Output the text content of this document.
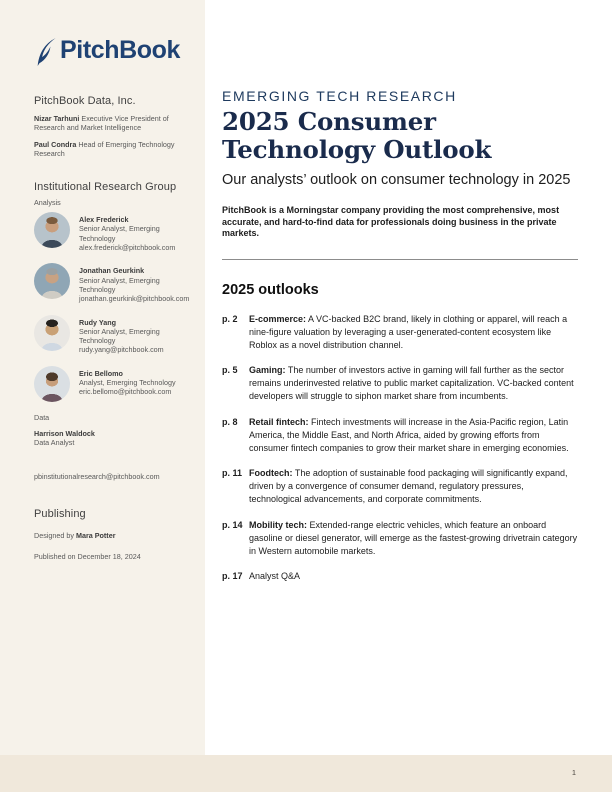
PitchBook
PitchBook Data, Inc.

Nizar Tarhuni Executive Vice President of Research and Market Intelligence

Paul Condra Head of Emerging Technology Research

Institutional Research Group
Analysis
Alex Frederick
Senior Analyst, Emerging Technology
alex.frederick@pitchbook.com
Jonathan Geurkink
Senior Analyst, Emerging Technology
jonathan.geurkink@pitchbook.com
Rudy Yang
Senior Analyst, Emerging Technology
rudy.yang@pitchbook.com
Eric Bellomo
Analyst, Emerging Technology
eric.bellomo@pitchbook.com
Data

Harrison Waldock
Data Analyst

pbinstitutionalresearch@pitchbook.com
Publishing
Designed by Mara Potter
Published on December 18, 2024
EMERGING TECH RESEARCH
2025 Consumer Technology Outlook
Our analysts’ outlook on consumer technology in 2025

PitchBook is a Morningstar company providing the most comprehensive, most accurate, and hard-to-find data for professionals doing business in the private markets.

2025 outlooks
p. 2	E-commerce: A VC-backed B2C brand, likely in clothing or apparel, will reach a nine-figure valuation by leveraging a user-generated-content ecosystem like Roblox as a novel distribution channel.
p. 5	Gaming: The number of investors active in gaming will fall further as the sector remains underinvested relative to public market capitalization. VC-backed content developers will struggle to siphon market share from incumbents.
p. 8	Retail fintech: Fintech investments will increase in the Asia-Pacific region, Latin America, the Middle East, and North Africa, aided by growing efforts from consumer fintech companies to grow their market share in emerging economies.
p. 11 Foodtech: The adoption of sustainable food packaging will significantly expand, driven by a convergence of consumer demand, regulatory pressures, technological advancements, and corporate commitments.
p. 14 Mobility tech: Extended-range electric vehicles, which feature an onboard gasoline or diesel generator, will emerge as the fastest-growing drivetrain category in Western automobile markets.
p. 17 Analyst Q&A
1
